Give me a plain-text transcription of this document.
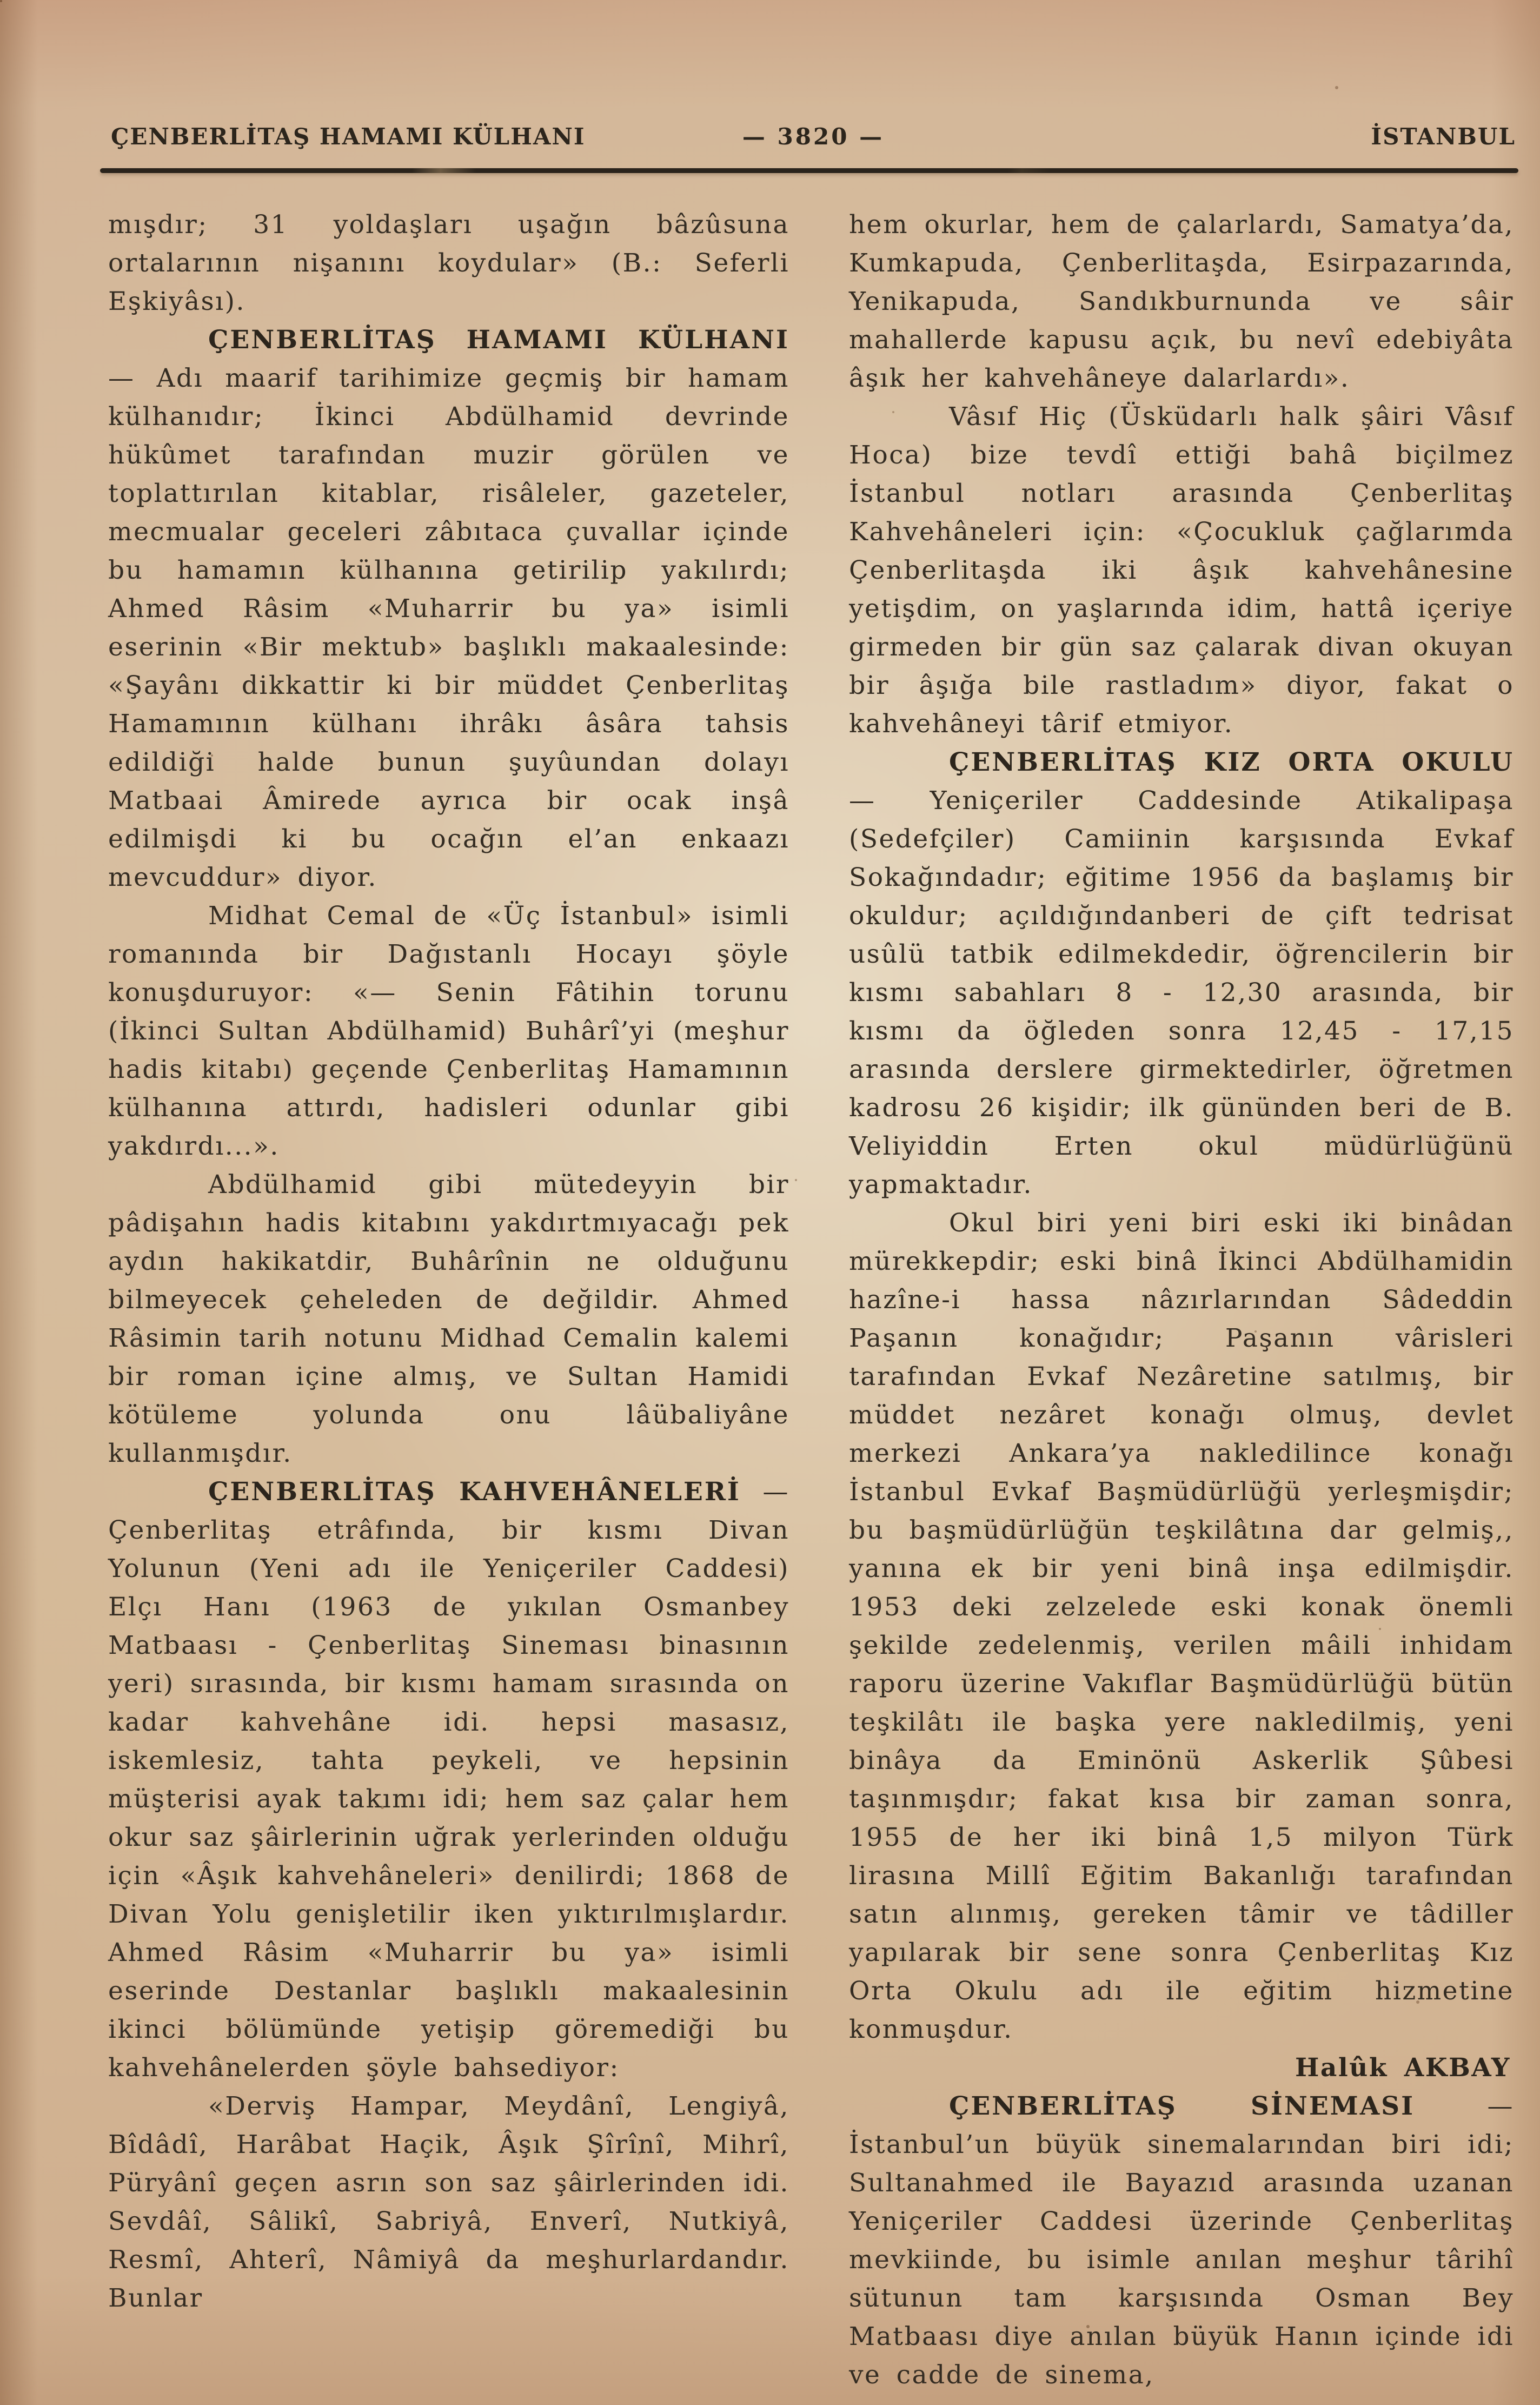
ÇENBERLİTAŞ HAMAMI KÜLHANI	— 3820 —	İSTANBUL

mışdır; 31 yoldaşları uşağın bâzûsuna ortalarının nişanını koydular» (B.: Seferli Eşkiyâsı).

ÇENBERLİTAŞ HAMAMI KÜLHANI — Adı maarif tarihimize geçmiş bir hamam külhanıdır; İkinci Abdülhamid devrinde hükûmet tarafından muzir görülen ve toplattırılan kitablar, risâleler, gazeteler, mecmualar geceleri zâbıtaca çuvallar içinde bu hamamın külhanına getirilip yakılırdı; Ahmed Râsim «Muharrir bu ya» isimli eserinin «Bir mektub» başlıklı makaalesinde: «Şayânı dikkattir ki bir müddet Çenberlitaş Hamamının külhanı ihrâkı âsâra tahsis edildiği halde bunun şuyûundan dolayı Matbaai Âmirede ayrıca bir ocak inşâ edilmişdi ki bu ocağın el’an enkaazı mevcuddur» diyor.

Midhat Cemal de «Üç İstanbul» isimli romanında bir Dağıstanlı Hocayı şöyle konuşduruyor: «— Senin Fâtihin torunu (İkinci Sultan Abdülhamid) Buhârî’yi (meşhur hadis kitabı) geçende Çenberlitaş Hamamının külhanına attırdı, hadisleri odunlar gibi yakdırdı...».

Abdülhamid gibi mütedeyyin bir pâdişahın hadis kitabını yakdırtmıyacağı pek aydın hakikatdir, Buhârînin ne olduğunu bilmeyecek çeheleden de değildir. Ahmed Râsimin tarih notunu Midhad Cemalin kalemi bir roman içine almış, ve Sultan Hamidi kötüleme yolunda onu lâübaliyâne kullanmışdır.

ÇENBERLİTAŞ KAHVEHÂNELERİ — Çenberlitaş etrâfında, bir kısmı Divan Yolunun (Yeni adı ile Yeniçeriler Caddesi) Elçı Hanı (1963 de yıkılan Osmanbey Matbaası - Çenberlitaş Sineması binasının yeri) sırasında, bir kısmı hamam sırasında on kadar kahvehâne idi. hepsi masasız, iskemlesiz, tahta peykeli, ve hepsinin müşterisi ayak takımı idi; hem saz çalar hem okur saz şâirlerinin uğrak yerlerinden olduğu için «Âşık kahvehâneleri» denilirdi; 1868 de Divan Yolu genişletilir iken yıktırılmışlardır. Ahmed Râsim «Muharrir bu ya» isimli eserinde Destanlar başlıklı makaalesinin ikinci bölümünde yetişip göremediği bu kahvehânelerden şöyle bahsediyor:

«Derviş Hampar, Meydânî, Lengiyâ, Bîdâdî, Harâbat Haçik, Âşık Şîrînî, Mihrî, Püryânî geçen asrın son saz şâirlerinden idi. Sevdâî, Sâlikî, Sabriyâ, Enverî, Nutkiyâ, Resmî, Ahterî, Nâmiyâ da meşhurlardandır. Bunlar

hem okurlar, hem de çalarlardı, Samatya’da, Kumkapuda, Çenberlitaşda, Esirpazarında, Yenikapuda, Sandıkburnunda ve sâir mahallerde kapusu açık, bu nevî edebiyâta âşık her kahvehâneye dalarlardı».

Vâsıf Hiç (Üsküdarlı halk şâiri Vâsıf Hoca) bize tevdî ettiği bahâ biçilmez İstanbul notları arasında Çenberlitaş Kahvehâneleri için: «Çocukluk çağlarımda Çenberlitaşda iki âşık kahvehânesine yetişdim, on yaşlarında idim, hattâ içeriye girmeden bir gün saz çalarak divan okuyan bir âşığa bile rastladım» diyor, fakat o kahvehâneyi târif etmiyor.

ÇENBERLİTAŞ KIZ ORTA OKULU — Yeniçeriler Caddesinde Atikalipaşa (Sedefçiler) Camiinin karşısında Evkaf Sokağındadır; eğitime 1956 da başlamış bir okuldur; açıldığındanberi de çift tedrisat usûlü tatbik edilmekdedir, öğrencilerin bir kısmı sabahları 8 - 12,30 arasında, bir kısmı da öğleden sonra 12,45 - 17,15 arasında derslere girmektedirler, öğretmen kadrosu 26 kişidir; ilk gününden beri de B. Veliyiddin Erten okul müdürlüğünü yapmaktadır.

Okul biri yeni biri eski iki binâdan mürekkepdir; eski binâ İkinci Abdülhamidin hazîne-i hassa nâzırlarından Sâdeddin Paşanın konağıdır; Paşanın vârisleri tarafından Evkaf Nezâretine satılmış, bir müddet nezâret konağı olmuş, devlet merkezi Ankara’ya nakledilince konağı İstanbul Evkaf Başmüdürlüğü yerleşmişdir; bu başmüdürlüğün teşkilâtına dar gelmiş,, yanına ek bir yeni binâ inşa edilmişdir. 1953 deki zelzelede eski konak önemli şekilde zedelenmiş, verilen mâili inhidam raporu üzerine Vakıflar Başmüdürlüğü bütün teşkilâtı ile başka yere nakledilmiş, yeni binâya da Eminönü Askerlik Şûbesi taşınmışdır; fakat kısa bir zaman sonra, 1955 de her iki binâ 1,5 milyon Türk lirasına Millî Eğitim Bakanlığı tarafından satın alınmış, gereken tâmir ve tâdiller yapılarak bir sene sonra Çenberlitaş Kız Orta Okulu adı ile eğitim hizmetine konmuşdur.

Halûk AKBAY

ÇENBERLİTAŞ SİNEMASI — İstanbul’un büyük sinemalarından biri idi; Sultanahmed ile Bayazıd arasında uzanan Yeniçeriler Caddesi üzerinde Çenberlitaş mevkiinde, bu isimle anılan meşhur târihî sütunun tam karşısında Osman Bey Matbaası diye anılan büyük Hanın içinde idi ve cadde de sinema,
